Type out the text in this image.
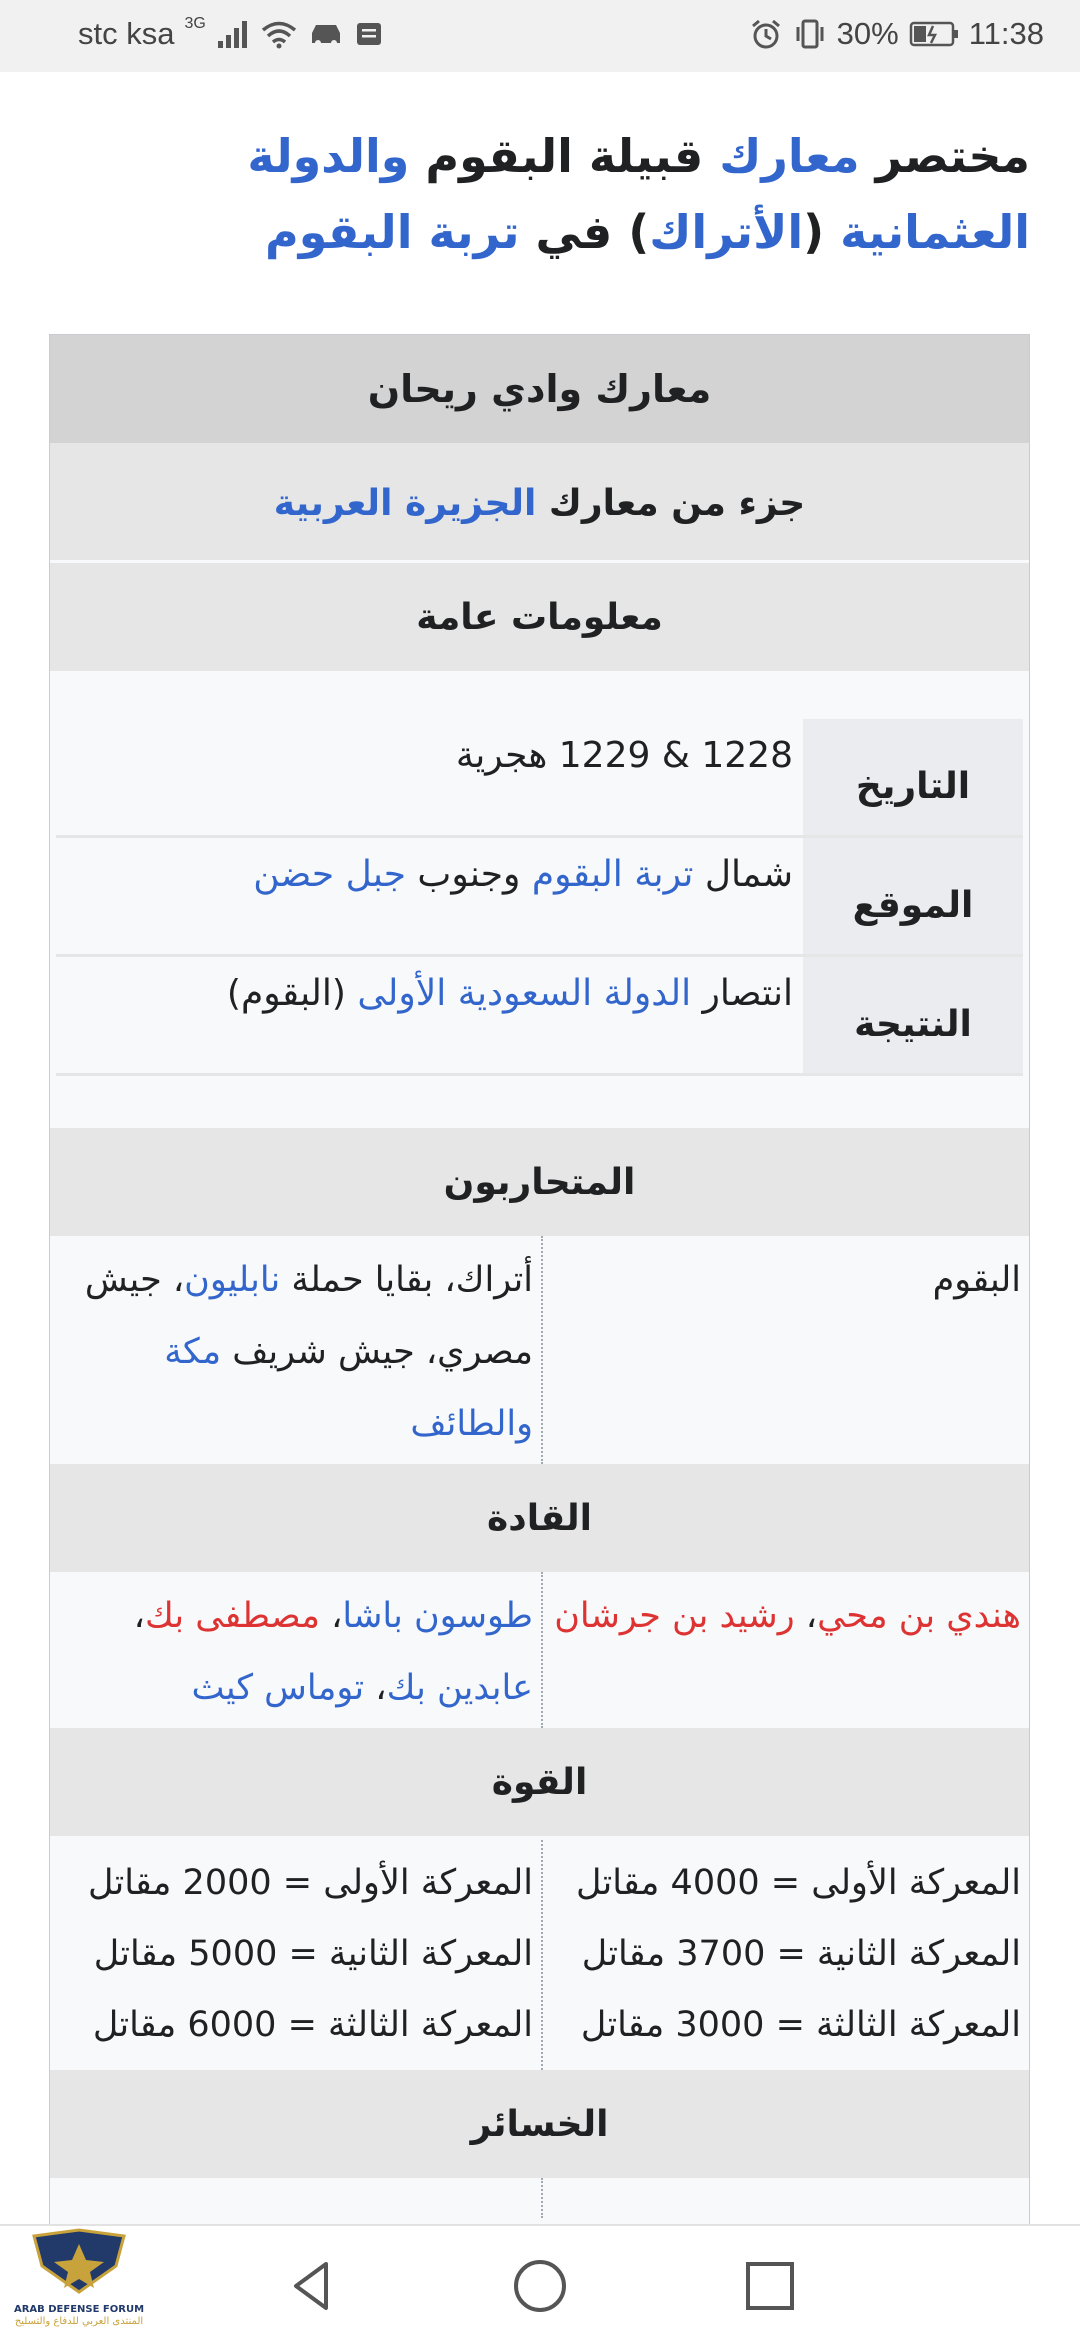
stc ksa 3G	30% 11:38
مختصر معارك قبيلة البقوم والدولة العثمانية (الأتراك) في تربة البقوم
معارك وادي ريحان
جزء من معارك

الجزيرة العربية
معلومات عامة
التاريخ
1228 & 1229 هجرية
الموقع
شمال تربة البقوم وجنوب جبل حضن
النتيجة
انتصار الدولة السعودية الأولى (البقوم)
المتحاربون
البقوم
أتراك، بقايا حملة نابليون، جيش مصري، جيش شريف مكة والطائف
القادة
هندي بن محي، رشيد بن جرشان
طوسون باشا، مصطفى بك، عابدين بك، توماس كيث
القوة
المعركة الأولى = 4000 مقاتل
المعركة الثانية = 3700 مقاتل
المعركة الثالثة = 3000 مقاتل
المعركة الأولى = 2000 مقاتل
المعركة الثانية = 5000 مقاتل
المعركة الثالثة = 6000 مقاتل
الخسائر
ARAB DEFENSE FORUM
المنتدى العربي للدفاع والتسليح
